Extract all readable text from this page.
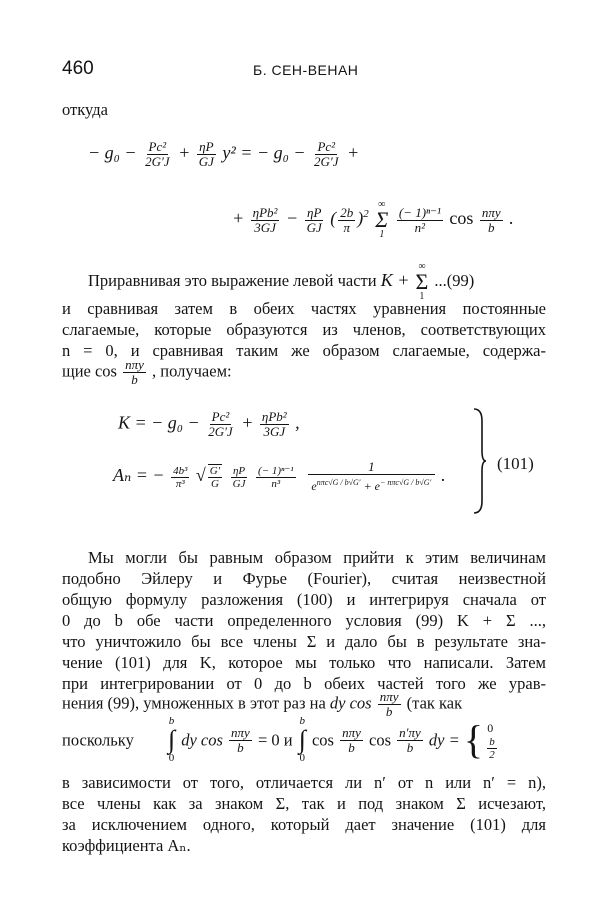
460	Б. СЕН-ВЕНАН
откуда
− $g_0 - \frac{\text{Pc²}}{2G'J} + \frac{\eta P}{GJ} y^2$ = − $g_0 - \frac{\text{Pc²}}{2G'J}$ +
+ $\frac{\text{ηPb²}}{3GJ} - \frac{\eta P}{GJ}$ ( $\frac{2b}{\pi} )^2$
∞
Σ
1
$\frac{\text{(− 1)ⁿ⁻¹}}{\text{n²}}$ $\cos \frac{\text{nπy}}{b}$ .
Приравнивая это выражение левой части K +
∞
Σ
1
...(99)
и сравнивая затем в обеих частях уравнения постоянные
слагаемые, которые образуются из членов, соответствующих
n = 0, и сравнивая таким же образом слагаемые, содержа-
щие $\cos \frac{\text{nπy}}{b}$ , получаем:
K = − $g_0 - \frac{\text{Pc²}}{2G'J} + \frac{\text{ηPb²}}{3GJ}$ ,
Aₙ = − $\frac{\text{4b³}}{\text{π³}}$ √ $\frac{G'}{G}$
$\frac{\eta P}{GJ}$
$\frac{\text{(− 1)ⁿ⁻¹}}{\text{n³}}$
$\frac{1}{e^{n\pi c√G / b√G'} + e^{- n\pi c√G / b√G'}}$ .
(101)
Мы могли бы равным образом прийти к этим величинам
подобно Эйлеру и Фурье (Fourier), считая неизвестной
общую формулу разложения (100) и интегрируя сначала от
0 до b обе части определенного условия (99) K + Σ ...,
что уничтожило бы все члены Σ и дало бы в результате зна-
чение (101) для K, которое мы только что написали. Затем
при интегрировании от 0 до b обеих частей того же урав-
нения (99), умноженных в этот раз на dy $\cos \frac{\text{nπy}}{b} (так$ как
поскольку
b
∫
0
dy $\cos \frac{\text{nπy}}{b} = 0$ и
b
∫
0
$\cos \frac{\text{nπy}}{b}$ $\cos \frac{n'\pi y}{b}$ dy = { 0
$\frac{b}{2}$
в зависимости от того, отличается ли n′ от n или n′ = n),
все члены как за знаком Σ, так и под знаком Σ исчезают,
за исключением одного, который дает значение (101) для
коэффициента Aₙ.
